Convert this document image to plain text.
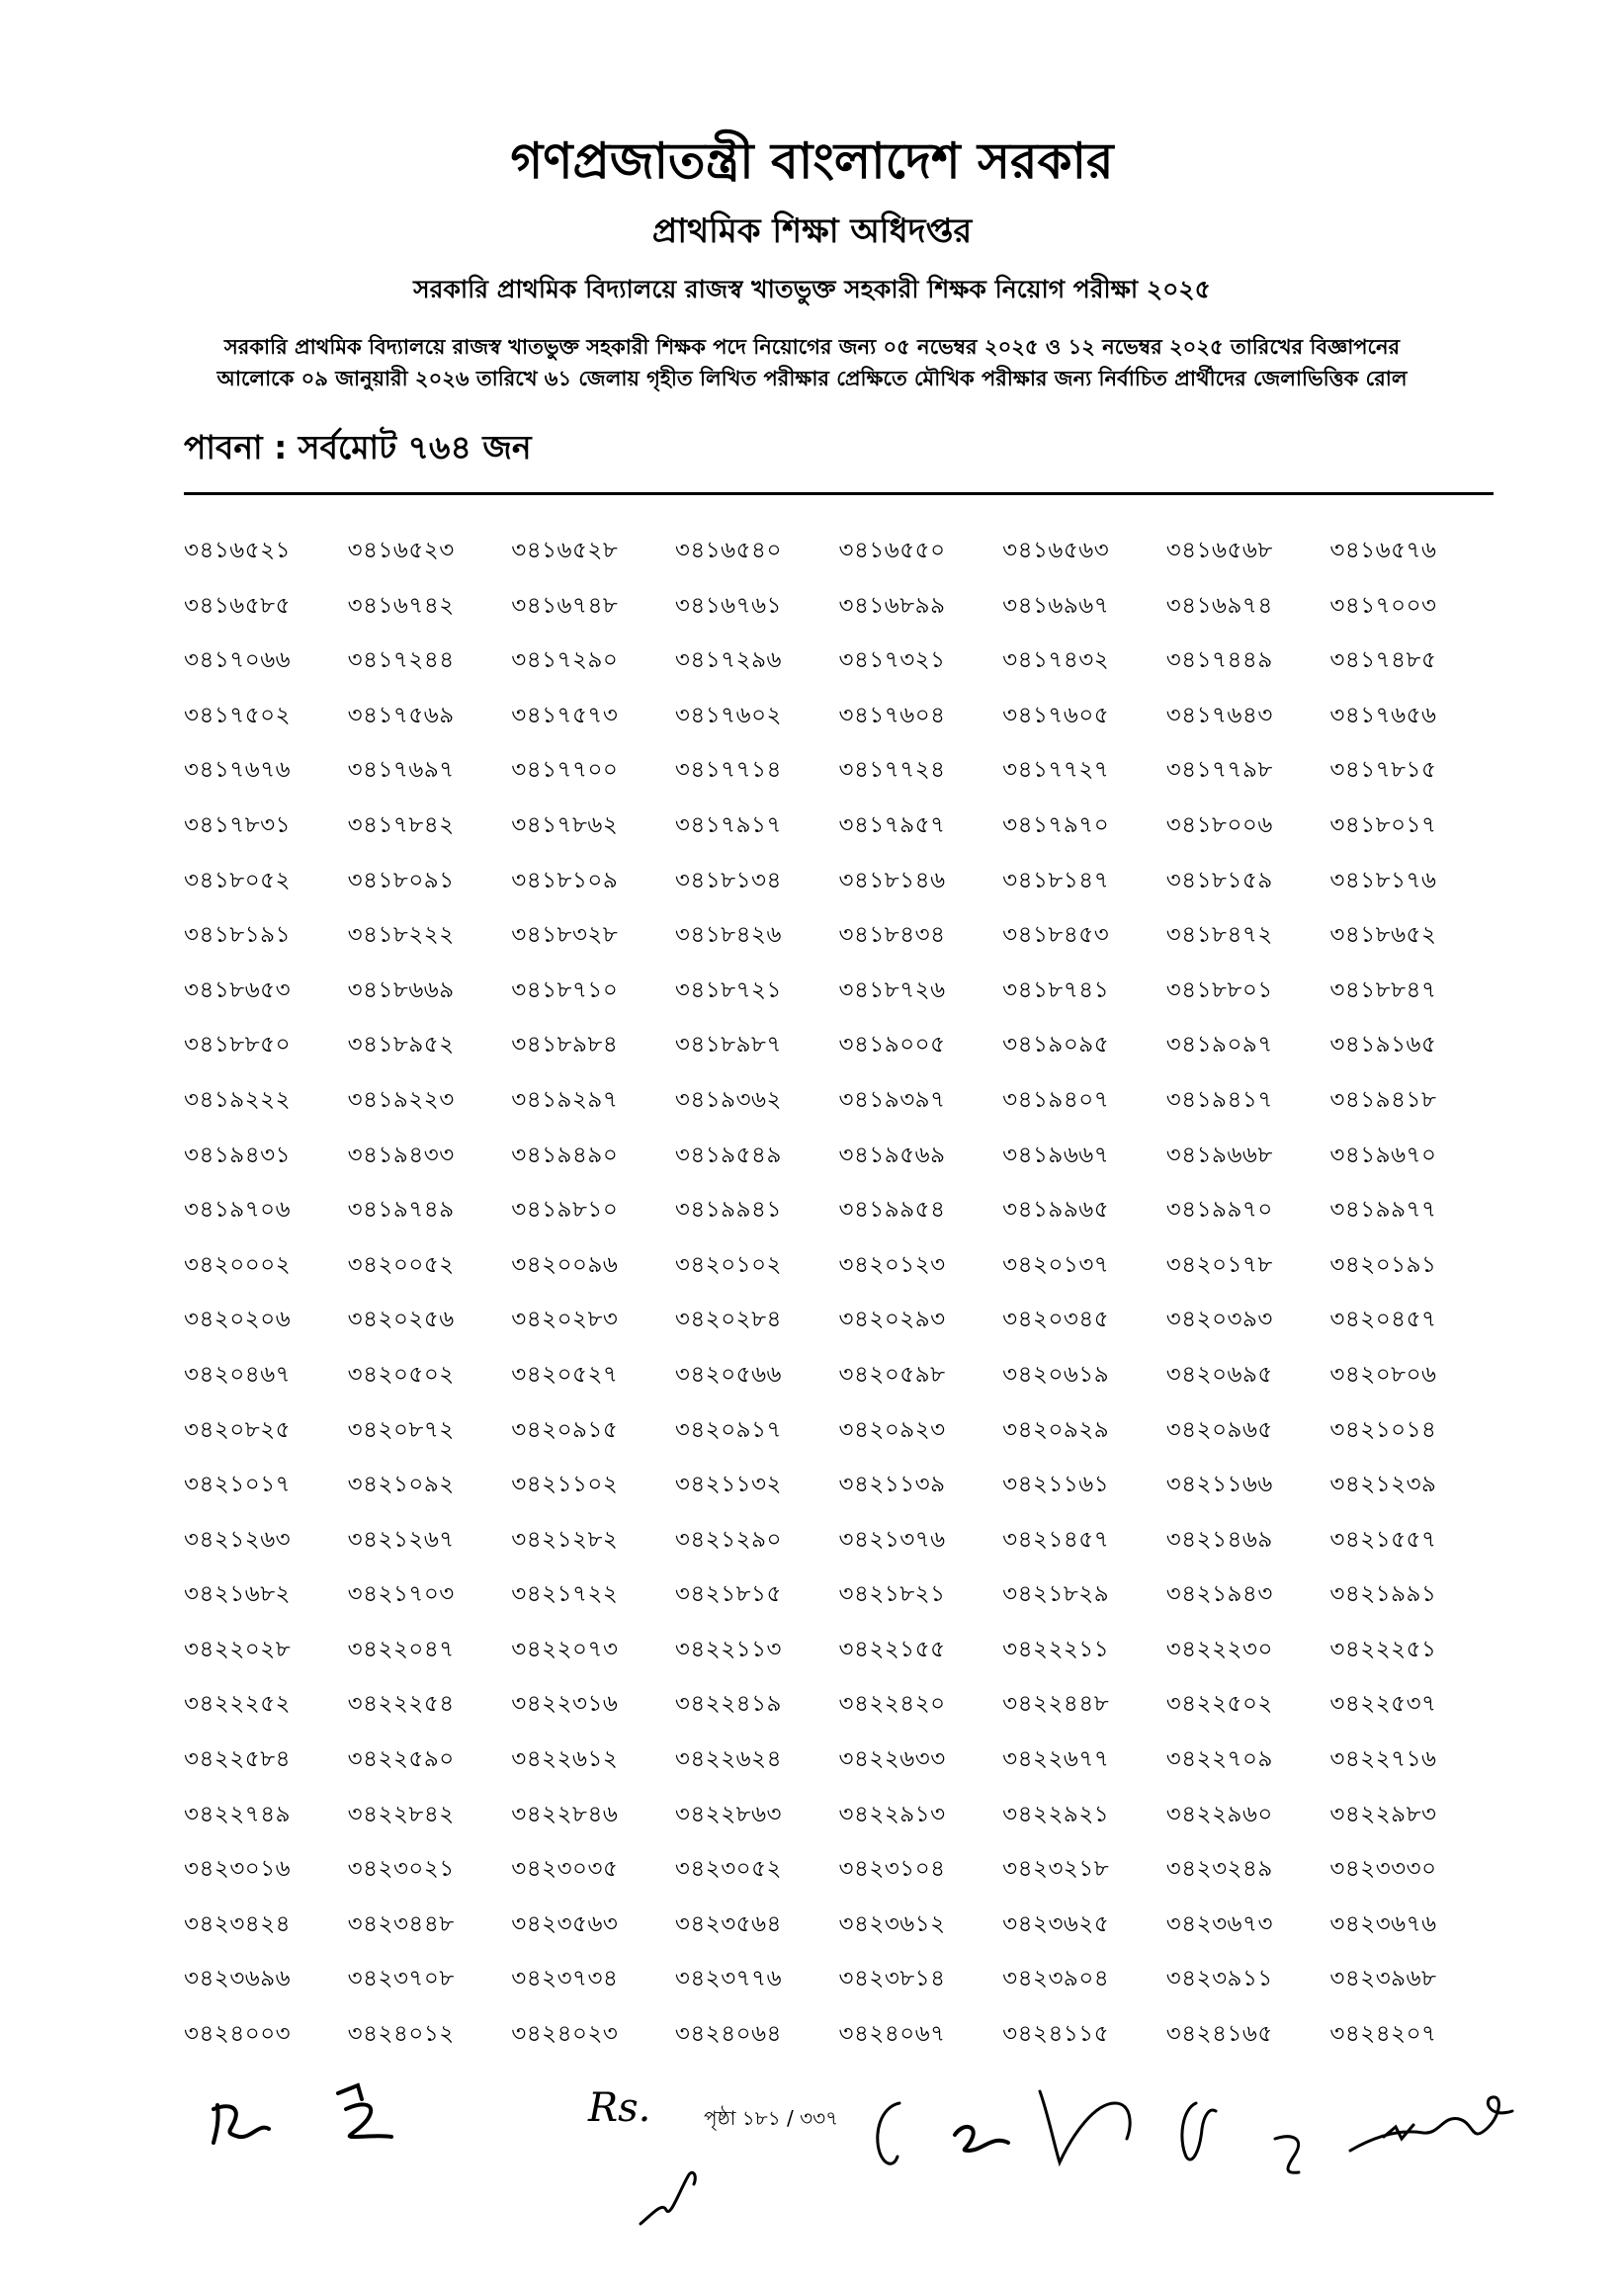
গণপ্রজাতন্ত্রী বাংলাদেশ সরকার
প্রাথমিক শিক্ষা অধিদপ্তর
সরকারি প্রাথমিক বিদ্যালয়ে রাজস্ব খাতভুক্ত সহকারী শিক্ষক নিয়োগ পরীক্ষা ২০২৫
সরকারি প্রাথমিক বিদ্যালয়ে রাজস্ব খাতভুক্ত সহকারী শিক্ষক পদে নিয়োগের জন্য ০৫ নভেম্বর ২০২৫ ও ১২ নভেম্বর ২০২৫ তারিখের বিজ্ঞাপনের
আলোকে ০৯ জানুয়ারী ২০২৬ তারিখে ৬১ জেলায় গৃহীত লিখিত পরীক্ষার প্রেক্ষিতে মৌখিক পরীক্ষার জন্য নির্বাচিত প্রার্থীদের জেলাভিত্তিক রোল
পাবনা : সর্বমোট ৭৬৪ জন
৩৪১৬৫২১	৩৪১৬৫২৩	৩৪১৬৫২৮	৩৪১৬৫৪০	৩৪১৬৫৫০	৩৪১৬৫৬৩	৩৪১৬৫৬৮	৩৪১৬৫৭৬
৩৪১৬৫৮৫	৩৪১৬৭৪২	৩৪১৬৭৪৮	৩৪১৬৭৬১	৩৪১৬৮৯৯	৩৪১৬৯৬৭	৩৪১৬৯৭৪	৩৪১৭০০৩
৩৪১৭০৬৬	৩৪১৭২৪৪	৩৪১৭২৯০	৩৪১৭২৯৬	৩৪১৭৩২১	৩৪১৭৪৩২	৩৪১৭৪৪৯	৩৪১৭৪৮৫
৩৪১৭৫০২	৩৪১৭৫৬৯	৩৪১৭৫৭৩	৩৪১৭৬০২	৩৪১৭৬০৪	৩৪১৭৬০৫	৩৪১৭৬৪৩	৩৪১৭৬৫৬
৩৪১৭৬৭৬	৩৪১৭৬৯৭	৩৪১৭৭০০	৩৪১৭৭১৪	৩৪১৭৭২৪	৩৪১৭৭২৭	৩৪১৭৭৯৮	৩৪১৭৮১৫
৩৪১৭৮৩১	৩৪১৭৮৪২	৩৪১৭৮৬২	৩৪১৭৯১৭	৩৪১৭৯৫৭	৩৪১৭৯৭০	৩৪১৮০০৬	৩৪১৮০১৭
৩৪১৮০৫২	৩৪১৮০৯১	৩৪১৮১০৯	৩৪১৮১৩৪	৩৪১৮১৪৬	৩৪১৮১৪৭	৩৪১৮১৫৯	৩৪১৮১৭৬
৩৪১৮১৯১	৩৪১৮২২২	৩৪১৮৩২৮	৩৪১৮৪২৬	৩৪১৮৪৩৪	৩৪১৮৪৫৩	৩৪১৮৪৭২	৩৪১৮৬৫২
৩৪১৮৬৫৩	৩৪১৮৬৬৯	৩৪১৮৭১০	৩৪১৮৭২১	৩৪১৮৭২৬	৩৪১৮৭৪১	৩৪১৮৮০১	৩৪১৮৮৪৭
৩৪১৮৮৫০	৩৪১৮৯৫২	৩৪১৮৯৮৪	৩৪১৮৯৮৭	৩৪১৯০০৫	৩৪১৯০৯৫	৩৪১৯০৯৭	৩৪১৯১৬৫
৩৪১৯২২২	৩৪১৯২২৩	৩৪১৯২৯৭	৩৪১৯৩৬২	৩৪১৯৩৯৭	৩৪১৯৪০৭	৩৪১৯৪১৭	৩৪১৯৪১৮
৩৪১৯৪৩১	৩৪১৯৪৩৩	৩৪১৯৪৯০	৩৪১৯৫৪৯	৩৪১৯৫৬৯	৩৪১৯৬৬৭	৩৪১৯৬৬৮	৩৪১৯৬৭০
৩৪১৯৭০৬	৩৪১৯৭৪৯	৩৪১৯৮১০	৩৪১৯৯৪১	৩৪১৯৯৫৪	৩৪১৯৯৬৫	৩৪১৯৯৭০	৩৪১৯৯৭৭
৩৪২০০০২	৩৪২০০৫২	৩৪২০০৯৬	৩৪২০১০২	৩৪২০১২৩	৩৪২০১৩৭	৩৪২০১৭৮	৩৪২০১৯১
৩৪২০২০৬	৩৪২০২৫৬	৩৪২০২৮৩	৩৪২০২৮৪	৩৪২০২৯৩	৩৪২০৩৪৫	৩৪২০৩৯৩	৩৪২০৪৫৭
৩৪২০৪৬৭	৩৪২০৫০২	৩৪২০৫২৭	৩৪২০৫৬৬	৩৪২০৫৯৮	৩৪২০৬১৯	৩৪২০৬৯৫	৩৪২০৮০৬
৩৪২০৮২৫	৩৪২০৮৭২	৩৪২০৯১৫	৩৪২০৯১৭	৩৪২০৯২৩	৩৪২০৯২৯	৩৪২০৯৬৫	৩৪২১০১৪
৩৪২১০১৭	৩৪২১০৯২	৩৪২১১০২	৩৪২১১৩২	৩৪২১১৩৯	৩৪২১১৬১	৩৪২১১৬৬	৩৪২১২৩৯
৩৪২১২৬৩	৩৪২১২৬৭	৩৪২১২৮২	৩৪২১২৯০	৩৪২১৩৭৬	৩৪২১৪৫৭	৩৪২১৪৬৯	৩৪২১৫৫৭
৩৪২১৬৮২	৩৪২১৭০৩	৩৪২১৭২২	৩৪২১৮১৫	৩৪২১৮২১	৩৪২১৮২৯	৩৪২১৯৪৩	৩৪২১৯৯১
৩৪২২০২৮	৩৪২২০৪৭	৩৪২২০৭৩	৩৪২২১১৩	৩৪২২১৫৫	৩৪২২২১১	৩৪২২২৩০	৩৪২২২৫১
৩৪২২২৫২	৩৪২২২৫৪	৩৪২২৩১৬	৩৪২২৪১৯	৩৪২২৪২০	৩৪২২৪৪৮	৩৪২২৫০২	৩৪২২৫৩৭
৩৪২২৫৮৪	৩৪২২৫৯০	৩৪২২৬১২	৩৪২২৬২৪	৩৪২২৬৩৩	৩৪২২৬৭৭	৩৪২২৭০৯	৩৪২২৭১৬
৩৪২২৭৪৯	৩৪২২৮৪২	৩৪২২৮৪৬	৩৪২২৮৬৩	৩৪২২৯১৩	৩৪২২৯২১	৩৪২২৯৬০	৩৪২২৯৮৩
৩৪২৩০১৬	৩৪২৩০২১	৩৪২৩০৩৫	৩৪২৩০৫২	৩৪২৩১০৪	৩৪২৩২১৮	৩৪২৩২৪৯	৩৪২৩৩৩০
৩৪২৩৪২৪	৩৪২৩৪৪৮	৩৪২৩৫৬৩	৩৪২৩৫৬৪	৩৪২৩৬১২	৩৪২৩৬২৫	৩৪২৩৬৭৩	৩৪২৩৬৭৬
৩৪২৩৬৯৬	৩৪২৩৭০৮	৩৪২৩৭৩৪	৩৪২৩৭৭৬	৩৪২৩৮১৪	৩৪২৩৯০৪	৩৪২৩৯১১	৩৪২৩৯৬৮
৩৪২৪০০৩	৩৪২৪০১২	৩৪২৪০২৩	৩৪২৪০৬৪	৩৪২৪০৬৭	৩৪২৪১১৫	৩৪২৪১৬৫	৩৪২৪২০৭
পৃষ্ঠা ১৮১ / ৩৩৭
Rs.
